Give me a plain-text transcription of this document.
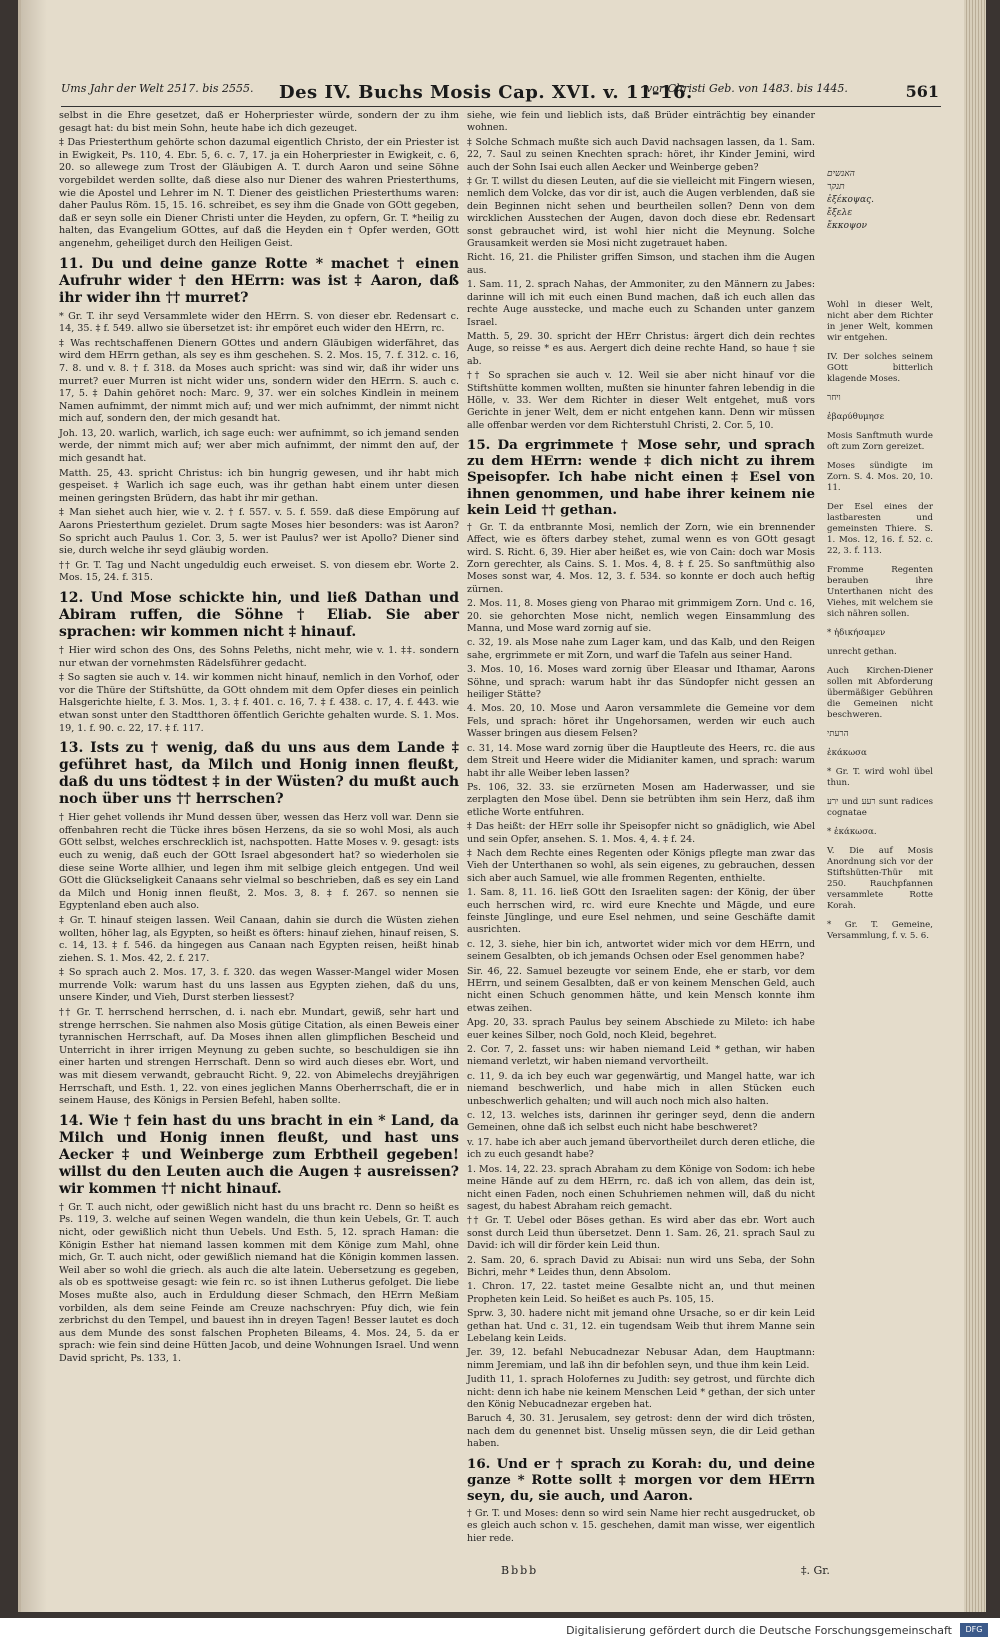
Ums Jahr der Welt 2517. bis 2555. Des IV. Buchs Mosis Cap. XVI. v. 11-16.
vor Christi Geb. von 1483. bis 1445.	561

selbst in die Ehre gesetzet, daß er Hoherpriester würde, sondern der zu ihm gesagt hat: du bist mein Sohn, heute habe ich dich gezeuget.

‡ Das Priesterthum gehörte schon dazumal eigentlich Christo, der ein Priester ist in Ewigkeit, Ps. 110, 4. Ebr. 5, 6. c. 7, 17. ja ein Hoherpriester in Ewigkeit, c. 6, 20. so allewege zum Trost der Gläubigen A. T. durch Aaron und seine Söhne vorgebildet werden sollte, daß diese also nur Diener des wahren Priesterthums, wie die Apostel und Lehrer im N. T. Diener des geistlichen Priesterthums waren: daher Paulus Röm. 15, 15. 16. schreibet, es sey ihm die Gnade von GOtt gegeben, daß er seyn solle ein Diener Christi unter die Heyden, zu opfern, Gr. T. *heilig zu halten, das Evangelium GOttes, auf daß die Heyden ein † Opfer werden, GOtt angenehm, geheiliget durch den Heiligen Geist.

11. Du und deine ganze Rotte * machet † einen Aufruhr wider † den HErrn: was ist ‡ Aaron, daß ihr wider ihn †† murret?

* Gr. T. ihr seyd Versammlete wider den HErrn. S. von dieser ebr. Redensart c. 14, 35. ‡ f. 549. allwo sie übersetzet ist: ihr empöret euch wider den HErrn, rc.

‡ Was rechtschaffenen Dienern GOttes und andern Gläubigen widerfähret, das wird dem HErrn gethan, als sey es ihm geschehen. S. 2. Mos. 15, 7. f. 312. c. 16, 7. 8. und v. 8. † f. 318. da Moses auch spricht: was sind wir, daß ihr wider uns murret? euer Murren ist nicht wider uns, sondern wider den HErrn. S. auch c. 17, 5. ‡ Dahin gehöret noch: Marc. 9, 37. wer ein solches Kindlein in meinem Namen aufnimmt, der nimmt mich auf; und wer mich aufnimmt, der nimmt nicht mich auf, sondern den, der mich gesandt hat.

Joh. 13, 20. warlich, warlich, ich sage euch: wer aufnimmt, so ich jemand senden werde, der nimmt mich auf; wer aber mich aufnimmt, der nimmt den auf, der mich gesandt hat.

Matth. 25, 43. spricht Christus: ich bin hungrig gewesen, und ihr habt mich gespeiset. ‡ Warlich ich sage euch, was ihr gethan habt einem unter diesen meinen geringsten Brüdern, das habt ihr mir gethan.

‡ Man siehet auch hier, wie v. 2. † f. 557. v. 5. f. 559. daß diese Empörung auf Aarons Priesterthum gezielet. Drum sagte Moses hier besonders: was ist Aaron? So spricht auch Paulus 1. Cor. 3, 5. wer ist Paulus? wer ist Apollo? Diener sind sie, durch welche ihr seyd gläubig worden.

†† Gr. T. Tag und Nacht ungeduldig euch erweiset. S. von diesem ebr. Worte 2. Mos. 15, 24. f. 315.

12. Und Mose schickte hin, und ließ Dathan und Abiram ruffen, die Söhne † Eliab. Sie aber sprachen: wir kommen nicht ‡ hinauf.

† Hier wird schon des Ons, des Sohns Peleths, nicht mehr, wie v. 1. ‡‡. sondern nur etwan der vornehmsten Rädelsführer gedacht.

‡ So sagten sie auch v. 14. wir kommen nicht hinauf, nemlich in den Vorhof, oder vor die Thüre der Stiftshütte, da GOtt ohndem mit dem Opfer dieses ein peinlich Halsgerichte hielte, f. 3. Mos. 1, 3. ‡ f. 401. c. 16, 7. ‡ f. 438. c. 17, 4. f. 443. wie etwan sonst unter den Stadtthoren öffentlich Gerichte gehalten wurde. S. 1. Mos. 19, 1. f. 90. c. 22, 17. ‡ f. 117.

13. Ists zu † wenig, daß du uns aus dem Lande ‡ geführet hast, da Milch und Honig innen fleußt, daß du uns tödtest ‡ in der Wüsten? du mußt auch noch über uns †† herrschen?

† Hier gehet vollends ihr Mund dessen über, wessen das Herz voll war. Denn sie offenbahren recht die Tücke ihres bösen Herzens, da sie so wohl Mosi, als auch GOtt selbst, welches erschrecklich ist, nachspotten. Hatte Moses v. 9. gesagt: ists euch zu wenig, daß euch der GOtt Israel abgesondert hat? so wiederholen sie diese seine Worte allhier, und legen ihm mit selbige gleich entgegen. Und weil GOtt die Glückseligkeit Canaans sehr vielmal so beschrieben, daß es sey ein Land da Milch und Honig innen fleußt, 2. Mos. 3, 8. ‡ f. 267. so nennen sie Egyptenland eben auch also.

‡ Gr. T. hinauf steigen lassen. Weil Canaan, dahin sie durch die Wüsten ziehen wollten, höher lag, als Egypten, so heißt es öfters: hinauf ziehen, hinauf reisen, S. c. 14, 13. ‡ f. 546. da hingegen aus Canaan nach Egypten reisen, heißt hinab ziehen. S. 1. Mos. 42, 2. f. 217.

‡ So sprach auch 2. Mos. 17, 3. f. 320. das wegen Wasser-Mangel wider Mosen murrende Volk: warum hast du uns lassen aus Egypten ziehen, daß du uns, unsere Kinder, und Vieh, Durst sterben liessest?

†† Gr. T. herrschend herrschen, d. i. nach ebr. Mundart, gewiß, sehr hart und strenge herrschen. Sie nahmen also Mosis gütige Citation, als einen Beweis einer tyrannischen Herrschaft, auf. Da Moses ihnen allen glimpflichen Bescheid und Unterricht in ihrer irrigen Meynung zu geben suchte, so beschuldigen sie ihn einer harten und strengen Herrschaft. Denn so wird auch dieses ebr. Wort, und was mit diesem verwandt, gebraucht Richt. 9, 22. von Abimelechs dreyjährigen Herrschaft, und Esth. 1, 22. von eines jeglichen Manns Oberherrschaft, die er in seinem Hause, des Königs in Persien Befehl, haben sollte.

14. Wie † fein hast du uns bracht in ein * Land, da Milch und Honig innen fleußt, und hast uns Aecker ‡ und Weinberge zum Erbtheil gegeben! willst du den Leuten auch die Augen ‡ ausreissen? wir kommen †† nicht hinauf.

† Gr. T. auch nicht, oder gewißlich nicht hast du uns bracht rc. Denn so heißt es Ps. 119, 3. welche auf seinen Wegen wandeln, die thun kein Uebels, Gr. T. auch nicht, oder gewißlich nicht thun Uebels. Und Esth. 5, 12. sprach Haman: die Königin Esther hat niemand lassen kommen mit dem Könige zum Mahl, ohne mich, Gr. T. auch nicht, oder gewißlich niemand hat die Königin kommen lassen. Weil aber so wohl die griech. als auch die alte latein. Uebersetzung es gegeben, als ob es spottweise gesagt: wie fein rc. so ist ihnen Lutherus gefolget. Die liebe Moses mußte also, auch in Erduldung dieser Schmach, den HErrn Meßiam vorbilden, als dem seine Feinde am Creuze nachschryen: Pfuy dich, wie fein zerbrichst du den Tempel, und bauest ihn in dreyen Tagen! Besser lautet es doch aus dem Munde des sonst falschen Propheten Bileams, 4. Mos. 24, 5. da er sprach: wie fein sind deine Hütten Jacob, und deine Wohnungen Israel. Und wenn David spricht, Ps. 133, 1.

siehe, wie fein und lieblich ists, daß Brüder einträchtig bey einander wohnen.

‡ Solche Schmach mußte sich auch David nachsagen lassen, da 1. Sam. 22, 7. Saul zu seinen Knechten sprach: höret, ihr Kinder Jemini, wird auch der Sohn Isai euch allen Aecker und Weinberge geben?

‡ Gr. T. willst du diesen Leuten, auf die sie vielleicht mit Fingern wiesen, nemlich dem Volcke, das vor dir ist, auch die Augen verblenden, daß sie dein Beginnen nicht sehen und beurtheilen sollen? Denn von dem wircklichen Ausstechen der Augen, davon doch diese ebr. Redensart sonst gebrauchet wird, ist wohl hier nicht die Meynung. Solche Grausamkeit werden sie Mosi nicht zugetrauet haben.

Richt. 16, 21. die Philister griffen Simson, und stachen ihm die Augen aus.

1. Sam. 11, 2. sprach Nahas, der Ammoniter, zu den Männern zu Jabes: darinne will ich mit euch einen Bund machen, daß ich euch allen das rechte Auge ausstecke, und mache euch zu Schanden unter ganzem Israel.

Matth. 5, 29. 30. spricht der HErr Christus: ärgert dich dein rechtes Auge, so reisse * es aus. Aergert dich deine rechte Hand, so haue † sie ab.

†† So sprachen sie auch v. 12. Weil sie aber nicht hinauf vor die Stiftshütte kommen wollten, mußten sie hinunter fahren lebendig in die Hölle, v. 33. Wer dem Richter in dieser Welt entgehet, muß vors Gerichte in jener Welt, dem er nicht entgehen kann. Denn wir müssen alle offenbar werden vor dem Richterstuhl Christi, 2. Cor. 5, 10.

15. Da ergrimmete † Mose sehr, und sprach zu dem HErrn: wende ‡ dich nicht zu ihrem Speisopfer. Ich habe nicht einen ‡ Esel von ihnen genommen, und habe ihrer keinem nie kein Leid †† gethan.

† Gr. T. da entbrannte Mosi, nemlich der Zorn, wie ein brennender Affect, wie es öfters darbey stehet, zumal wenn es von GOtt gesagt wird. S. Richt. 6, 39. Hier aber heißet es, wie von Cain: doch war Mosis Zorn gerechter, als Cains. S. 1. Mos. 4, 8. ‡ f. 25. So sanftmüthig also Moses sonst war, 4. Mos. 12, 3. f. 534. so konnte er doch auch heftig zürnen.

2. Mos. 11, 8. Moses gieng von Pharao mit grimmigem Zorn. Und c. 16, 20. sie gehorchten Mose nicht, nemlich wegen Einsammlung des Manna, und Mose ward zornig auf sie.

c. 32, 19. als Mose nahe zum Lager kam, und das Kalb, und den Reigen sahe, ergrimmete er mit Zorn, und warf die Tafeln aus seiner Hand.

3. Mos. 10, 16. Moses ward zornig über Eleasar und Ithamar, Aarons Söhne, und sprach: warum habt ihr das Sündopfer nicht gessen an heiliger Stätte?

4. Mos. 20, 10. Mose und Aaron versammlete die Gemeine vor dem Fels, und sprach: höret ihr Ungehorsamen, werden wir euch auch Wasser bringen aus diesem Felsen?

c. 31, 14. Mose ward zornig über die Hauptleute des Heers, rc. die aus dem Streit und Heere wider die Midianiter kamen, und sprach: warum habt ihr alle Weiber leben lassen?

Ps. 106, 32. 33. sie erzürneten Mosen am Haderwasser, und sie zerplagten den Mose übel. Denn sie betrübten ihm sein Herz, daß ihm etliche Worte entfuhren.

‡ Das heißt: der HErr solle ihr Speisopfer nicht so gnädiglich, wie Abel und sein Opfer, ansehen. S. 1. Mos. 4, 4. ‡ f. 24.

‡ Nach dem Rechte eines Regenten oder Königs pflegte man zwar das Vieh der Unterthanen so wohl, als sein eigenes, zu gebrauchen, dessen sich aber auch Samuel, wie alle frommen Regenten, enthielte.

1. Sam. 8, 11. 16. ließ GOtt den Israeliten sagen: der König, der über euch herrschen wird, rc. wird eure Knechte und Mägde, und eure feinste Jünglinge, und eure Esel nehmen, und seine Geschäfte damit ausrichten.

c. 12, 3. siehe, hier bin ich, antwortet wider mich vor dem HErrn, und seinem Gesalbten, ob ich jemands Ochsen oder Esel genommen habe?

Sir. 46, 22. Samuel bezeugte vor seinem Ende, ehe er starb, vor dem HErrn, und seinem Gesalbten, daß er von keinem Menschen Geld, auch nicht einen Schuch genommen hätte, und kein Mensch konnte ihm etwas zeihen.

Apg. 20, 33. sprach Paulus bey seinem Abschiede zu Mileto: ich habe euer keines Silber, noch Gold, noch Kleid, begehret.

2. Cor. 7, 2. fasset uns: wir haben niemand Leid * gethan, wir haben niemand verletzt, wir haben niemand vervortheilt.

c. 11, 9. da ich bey euch war gegenwärtig, und Mangel hatte, war ich niemand beschwerlich, und habe mich in allen Stücken euch unbeschwerlich gehalten; und will auch noch mich also halten.

c. 12, 13. welches ists, darinnen ihr geringer seyd, denn die andern Gemeinen, ohne daß ich selbst euch nicht habe beschweret?

v. 17. habe ich aber auch jemand übervortheilet durch deren etliche, die ich zu euch gesandt habe?

1. Mos. 14, 22. 23. sprach Abraham zu dem Könige von Sodom: ich hebe meine Hände auf zu dem HErrn, rc. daß ich von allem, das dein ist, nicht einen Faden, noch einen Schuhriemen nehmen will, daß du nicht sagest, du habest Abraham reich gemacht.

†† Gr. T. Uebel oder Böses gethan. Es wird aber das ebr. Wort auch sonst durch Leid thun übersetzet. Denn 1. Sam. 26, 21. sprach Saul zu David: ich will dir förder kein Leid thun.

2. Sam. 20, 6. sprach David zu Abisai: nun wird uns Seba, der Sohn Bichri, mehr * Leides thun, denn Absolom.

1. Chron. 17, 22. tastet meine Gesalbte nicht an, und thut meinen Propheten kein Leid. So heißet es auch Ps. 105, 15.

Sprw. 3, 30. hadere nicht mit jemand ohne Ursache, so er dir kein Leid gethan hat. Und c. 31, 12. ein tugendsam Weib thut ihrem Manne sein Lebelang kein Leids.

Jer. 39, 12. befahl Nebucadnezar Nebusar Adan, dem Hauptmann: nimm Jeremiam, und laß ihn dir befohlen seyn, und thue ihm kein Leid.

Judith 11, 1. sprach Holofernes zu Judith: sey getrost, und fürchte dich nicht: denn ich habe nie keinem Menschen Leid * gethan, der sich unter den König Nebucadnezar ergeben hat.

Baruch 4, 30. 31. Jerusalem, sey getrost: denn der wird dich trösten, nach dem du genennet bist. Unselig müssen seyn, die dir Leid gethan haben.

16. Und er † sprach zu Korah: du, und deine ganze * Rotte sollt ‡ morgen vor dem HErrn seyn, du, sie auch, und Aaron.

† Gr. T. und Moses: denn so wird sein Name hier recht ausgedrucket, ob es gleich auch schon v. 15. geschehen, damit man wisse, wer eigentlich hier rede.

האנשים
תנקר
ἐξέκοψας.
ἔξελε
ἔκκοψον

Wohl in dieser Welt, nicht aber dem Richter in jener Welt, kommen wir entgehen.

IV. Der solches seinem GOtt bitterlich klagende Moses.

ויחר

ἐβαρύθυμησε

Mosis Sanftmuth wurde oft zum Zorn gereizet.

Moses sündigte im Zorn. S. 4. Mos. 20, 10. 11.

Der Esel eines der lastbaresten und gemeinsten Thiere. S. 1. Mos. 12, 16. f. 52. c. 22, 3. f. 113.

Fromme Regenten berauben ihre Unterthanen nicht des Viehes, mit welchem sie sich nähren sollen.

* ἠδικήσαμεν

unrecht gethan.

Auch Kirchen-Diener sollen mit Abforderung übermäßiger Gebühren die Gemeinen nicht beschweren.

הרעתי

ἐκάκωσα

* Gr. T. wird wohl übel thun.

ירע und רעע sunt radices cognatae

* ἐκάκωσα.

V. Die auf Mosis Anordnung sich vor der Stiftshütten-Thür mit 250. Rauchpfannen versammlete Rotte Korah.

* Gr. T. Gemeine, Versammlung, f. v. 5. 6.

Bbbb	‡. Gr.
Digitalisierung gefördert durch die Deutsche Forschungsgemeinschaft	DFG
